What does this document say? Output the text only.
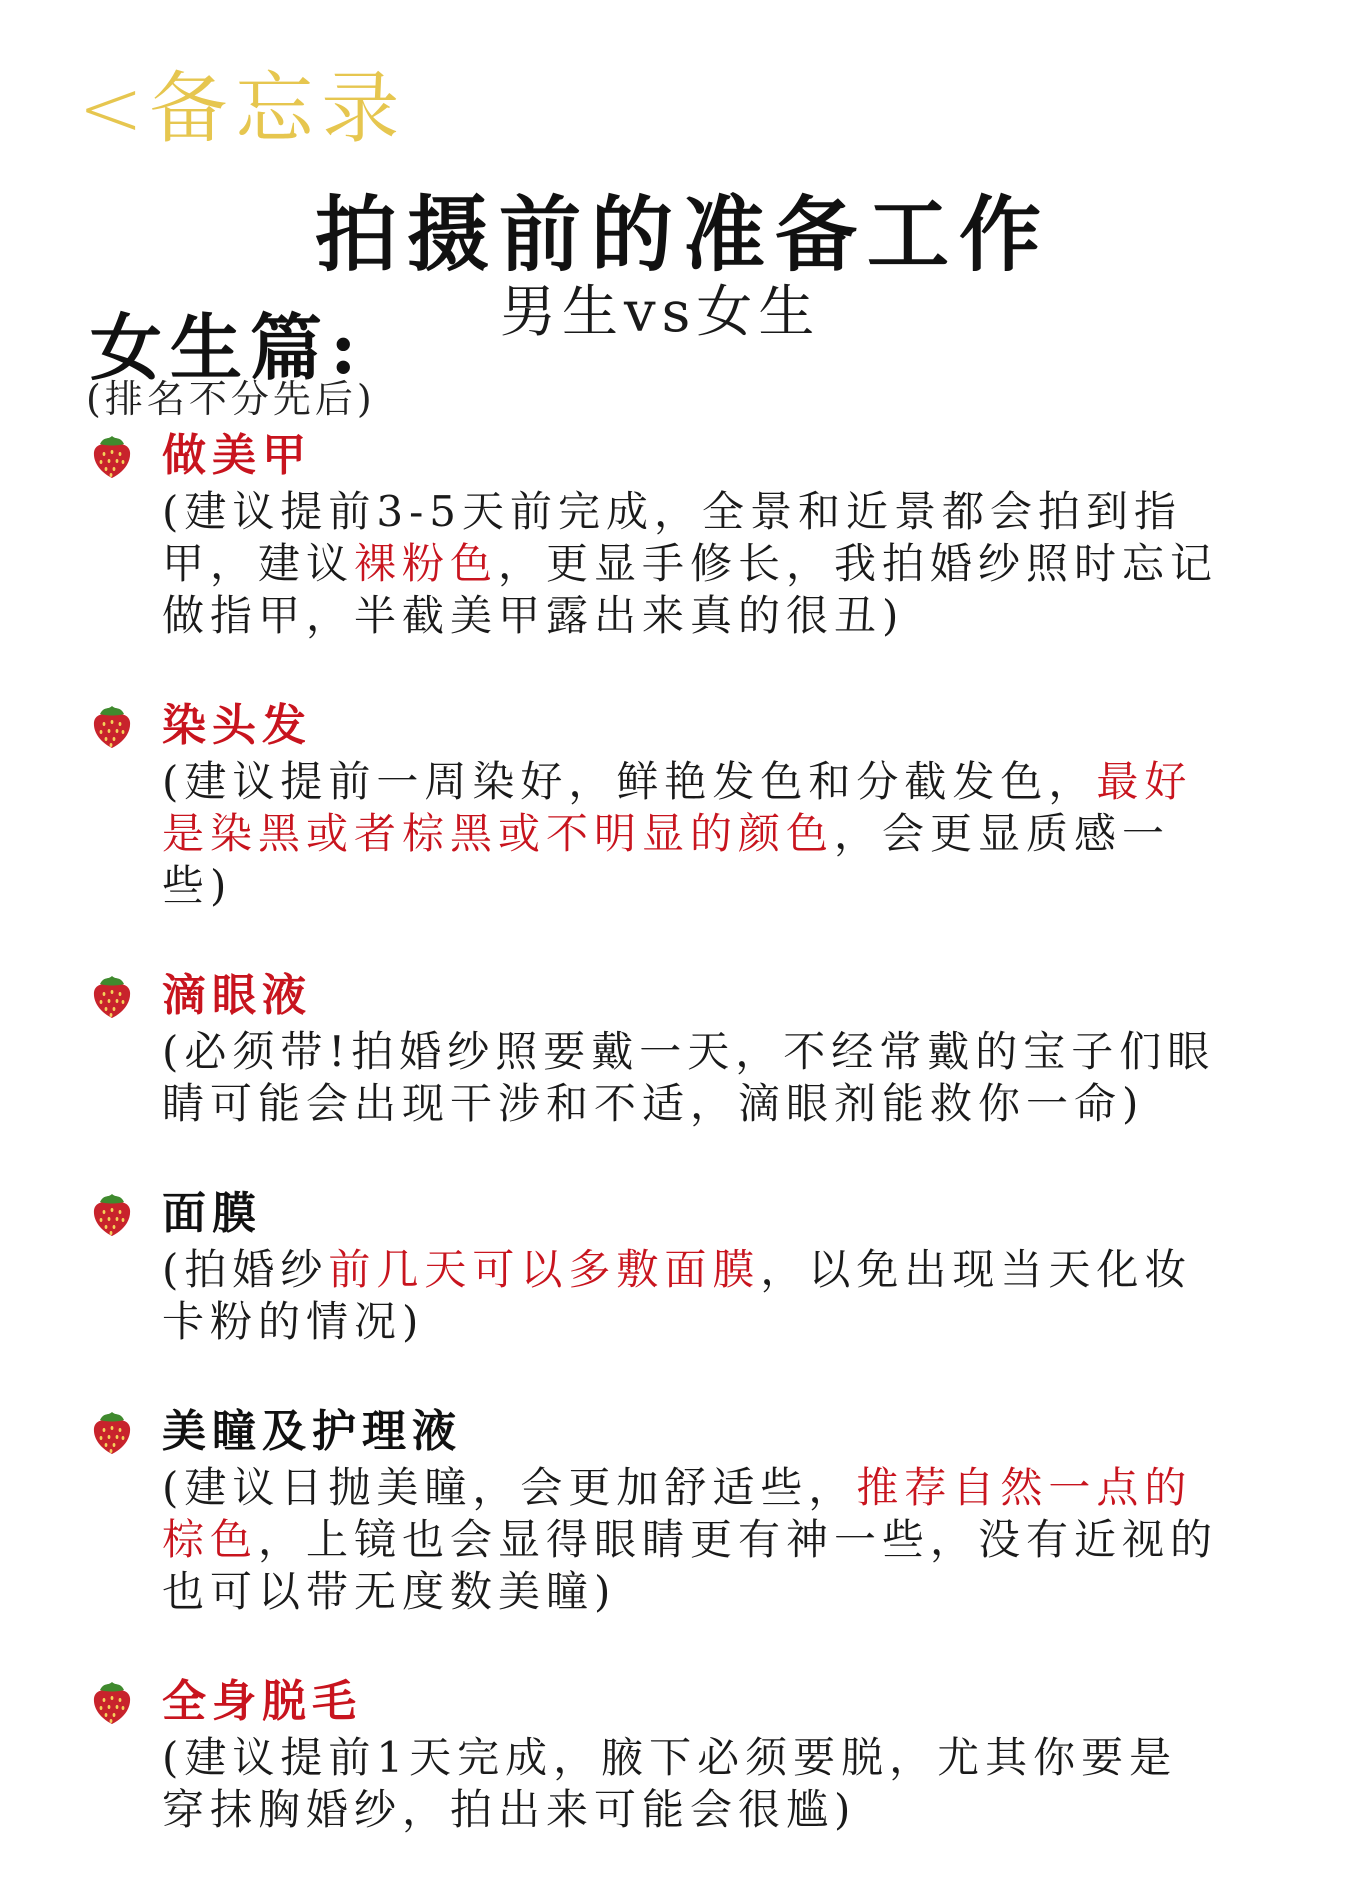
< 备忘录
拍摄前的准备工作
男生vs女生
女生篇:
(排名不分先后)
做美甲
(建议提前3-5天前完成，全景和近景都会拍到指甲，建议裸粉色，更显手修长，我拍婚纱照时忘记做指甲，半截美甲露出来真的很丑)
染头发
(建议提前一周染好，鲜艳发色和分截发色，最好是染黑或者棕黑或不明显的颜色，会更显质感一些)
滴眼液
(必须带!拍婚纱照要戴一天，不经常戴的宝子们眼睛可能会出现干涉和不适，滴眼剂能救你一命)
面膜
(拍婚纱前几天可以多敷面膜，以免出现当天化妆卡粉的情况)
美瞳及护理液
(建议日抛美瞳，会更加舒适些，推荐自然一点的棕色，上镜也会显得眼睛更有神一些，没有近视的也可以带无度数美瞳)
全身脱毛
(建议提前1天完成，腋下必须要脱，尤其你要是穿抹胸婚纱，拍出来可能会很尴)
